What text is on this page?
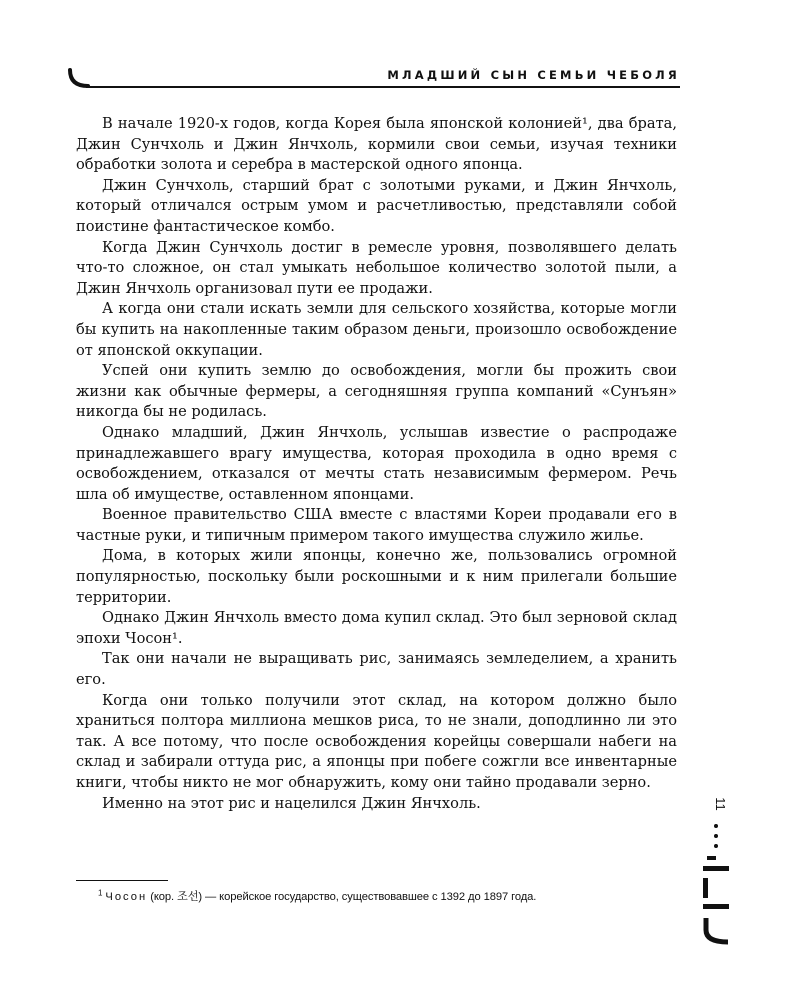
МЛАДШИЙ СЫН СЕМЬИ ЧЕБОЛЯ

В начале 1920-х годов, когда Корея была японской колонией¹, два брата, Джин Сунчхоль и Джин Янчхоль, кормили свои семьи, изучая техники обработки золота и серебра в мастерской одного японца.

Джин Сунчхоль, старший брат с золотыми руками, и Джин Янчхоль, который отличался острым умом и расчетливостью, представляли собой поистине фантастическое комбо.

Когда Джин Сунчхоль достиг в ремесле уровня, позволявшего делать что-то сложное, он стал умыкать небольшое количество золотой пыли, а Джин Янчхоль организовал пути ее продажи.

А когда они стали искать земли для сельского хозяйства, которые могли бы купить на накопленные таким образом деньги, произошло освобождение от японской оккупации.

Успей они купить землю до освобождения, могли бы прожить свои жизни как обычные фермеры, а сегодняшняя группа компаний «Сунъян» никогда бы не родилась.

Однако младший, Джин Янчхоль, услышав известие о распродаже принадлежавшего врагу имущества, которая проходила в одно время с освобождением, отказался от мечты стать независимым фермером. Речь шла об имуществе, оставленном японцами.

Военное правительство США вместе с властями Кореи продавали его в частные руки, и типичным примером такого имущества служило жилье.

Дома, в которых жили японцы, конечно же, пользовались огромной популярностью, поскольку были роскошными и к ним прилегали большие территории.

Однако Джин Янчхоль вместо дома купил склад. Это был зерновой склад эпохи Чосон¹.

Так они начали не выращивать рис, занимаясь земледелием, а хранить его.

Когда они только получили этот склад, на котором должно было храниться полтора миллиона мешков риса, то не знали, доподлинно ли это так. А все потому, что после освобождения корейцы совершали набеги на склад и забирали оттуда рис, а японцы при побеге сожгли все инвентарные книги, чтобы никто не мог обнаружить, кому они тайно продавали зерно.

Именно на этот рис и нацелился Джин Янчхоль.

$^1$ Чосон (кор. 조선) — корейское государство, существовавшее с 1392 до 1897 года.
11
